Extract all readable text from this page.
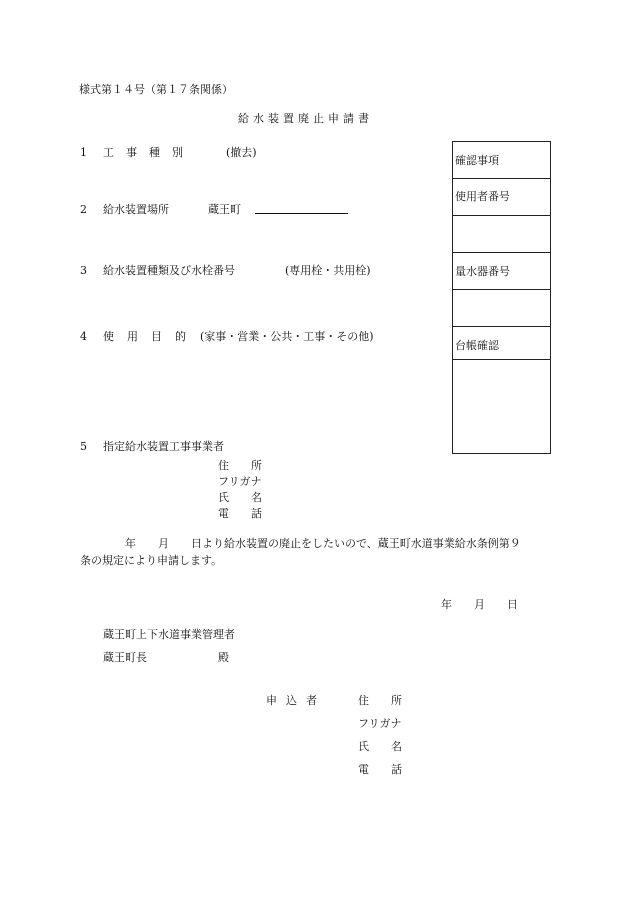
様式第１４号（第１７条関係）
給水装置廃止申請書
1 工事種別	(撤去)
2 給水装置場所	蔵王町
3 給水装置種類及び水栓番号	(専用栓・共用栓)
4 使用目的 (家事・営業・公共・工事・その他)
5 指定給水装置工事事業者
住　　所
フリガナ
氏　　名
電　　話
年　　月　　日より給水装置の廃止をしたいので、蔵王町水道事業給水条例第９
条の規定により申請します。
年　　月　　日
蔵王町上下水道事業管理者
蔵王町長	殿
申込者	住　　所
フリガナ
氏　　名
電　　話
確認事項
使用者番号
量水器番号
台帳確認
